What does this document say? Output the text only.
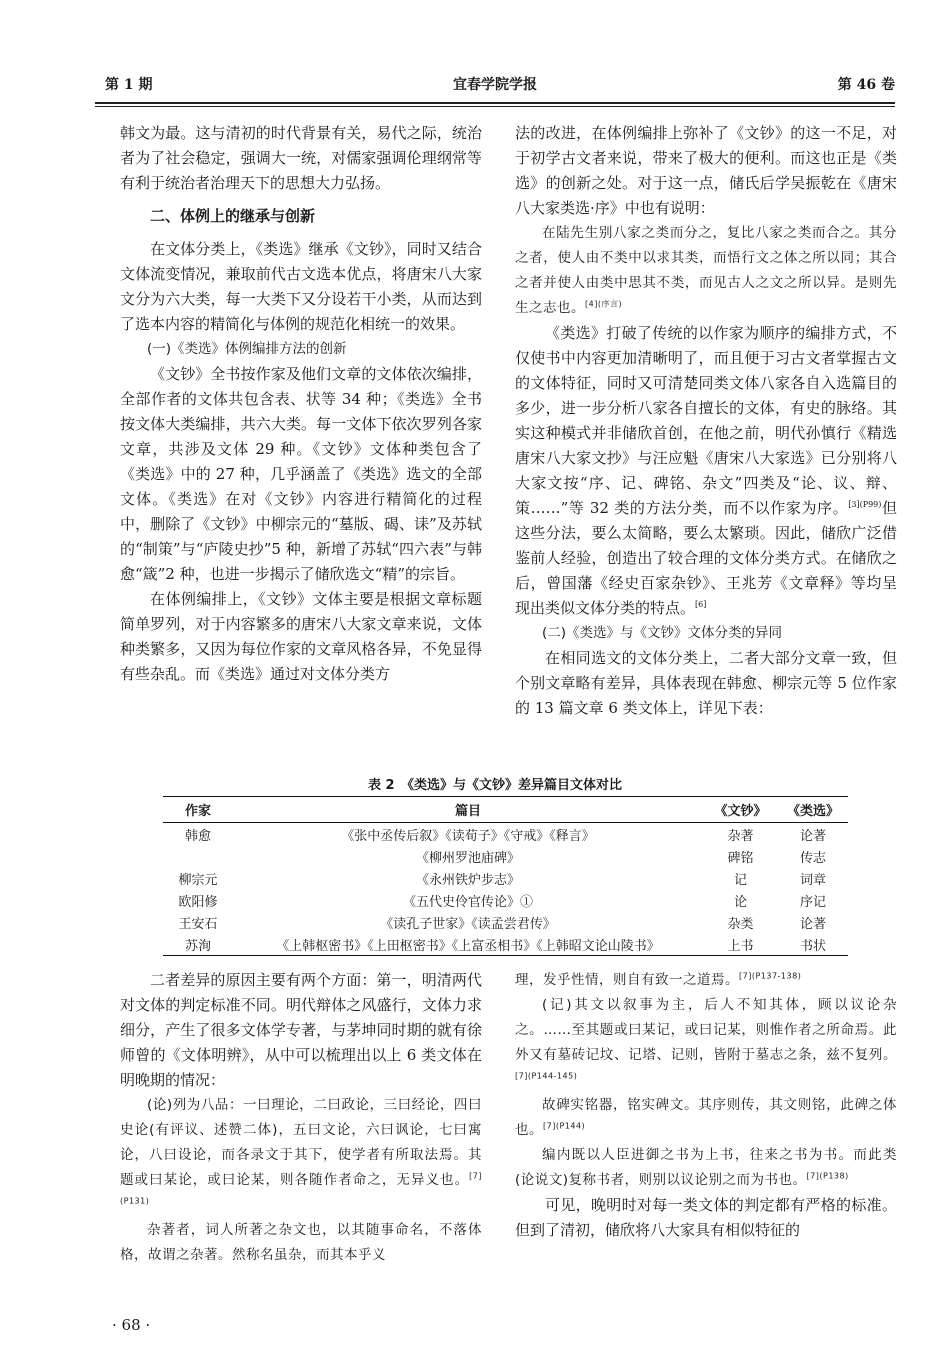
第 1 期	宜春学院学报	第 46 卷

韩文为最。这与清初的时代背景有关，易代之际，统治者为了社会稳定，强调大一统，对儒家强调伦理纲常等有利于统治者治理天下的思想大力弘扬。

二、体例上的继承与创新

在文体分类上，《类选》继承《文钞》，同时又结合文体流变情况，兼取前代古文选本优点，将唐宋八大家文分为六大类，每一大类下又分设若干小类，从而达到了选本内容的精简化与体例的规范化相统一的效果。

(一)《类选》体例编排方法的创新

《文钞》全书按作家及他们文章的文体依次编排，全部作者的文体共包含表、状等 34 种；《类选》全书按文体大类编排，共六大类。每一文体下依次罗列各家文章，共涉及文体 29 种。《文钞》文体种类包含了《类选》中的 27 种，几乎涵盖了《类选》选文的全部文体。《类选》在对《文钞》内容进行精简化的过程中，删除了《文钞》中柳宗元的“墓版、碣、诔”及苏轼的“制策”与“庐陵史抄”5 种，新增了苏轼“四六表”与韩愈“箴”2 种，也进一步揭示了储欣选文“精”的宗旨。

在体例编排上，《文钞》文体主要是根据文章标题简单罗列，对于内容繁多的唐宋八大家文章来说，文体种类繁多，又因为每位作家的文章风格各异，不免显得有些杂乱。而《类选》通过对文体分类方

法的改进，在体例编排上弥补了《文钞》的这一不足，对于初学古文者来说，带来了极大的便利。而这也正是《类选》的创新之处。对于这一点，储氏后学吴振乾在《唐宋八大家类选·序》中也有说明：

在陆先生别八家之类而分之，复比八家之类而合之。其分之者，使人由不类中以求其类，而悟行文之体之所以同；其合之者并使人由类中思其不类，而见古人之文之所以异。是则先生之志也。$^{[4](序言)}$

《类选》打破了传统的以作家为顺序的编排方式，不仅使书中内容更加清晰明了，而且便于习古文者掌握古文的文体特征，同时又可清楚同类文体八家各自入选篇目的多少，进一步分析八家各自擅长的文体，有史的脉络。其实这种模式并非储欣首创，在他之前，明代孙慎行《精选唐宋八大家文抄》与汪应魁《唐宋八大家选》已分别将八大家文按“序、记、碑铭、杂文”四类及“论、议、辩、策……”等 32 类的方法分类，而不以作家为序。$^{[3](P99)}$但这些分法，要么太简略，要么太繁琐。因此，储欣广泛借鉴前人经验，创造出了较合理的文体分类方式。在储欣之后，曾国藩《经史百家杂钞》、王兆芳《文章释》等均呈现出类似文体分类的特点。[6]

(二)《类选》与《文钞》文体分类的异同

在相同选文的文体分类上，二者大部分文章一致，但个别文章略有差异，具体表现在韩愈、柳宗元等 5 位作家的 13 篇文章 6 类文体上，详见下表：

表 2　《类选》与《文钞》差异篇目文体对比
作家	篇目	《文钞》	《类选》
韩愈	《张中丞传后叙》《读荀子》《守戒》《释言》	杂著	论著
	《柳州罗池庙碑》	碑铭	传志
柳宗元	《永州铁炉步志》	记	词章
欧阳修	《五代史伶官传论》①	论	序记
王安石	《读孔子世家》《读孟尝君传》	杂类	论著
苏洵	《上韩枢密书》《上田枢密书》《上富丞相书》《上韩昭文论山陵书》	上书	书状

二者差异的原因主要有两个方面：第一，明清两代对文体的判定标准不同。明代辩体之风盛行，文体力求细分，产生了很多文体学专著，与茅坤同时期的就有徐师曾的《文体明辨》，从中可以梳理出以上 6 类文体在明晚期的情况：

(论)列为八品：一曰理论，二曰政论，三曰经论，四曰史论(有评议、述赞二体)，五曰文论，六曰讽论，七曰寓论，八曰设论，而各录文于其下，使学者有所取法焉。其题或曰某论，或曰论某，则各随作者命之，无异义也。$^{[7](P131)}$

杂著者，词人所著之杂文也，以其随事命名，不落体格，故谓之杂著。然称名虽杂，而其本乎义

理，发乎性情，则自有致一之道焉。$^{[7](P137-138)}$

(记)其文以叙事为主，后人不知其体，顾以议论杂之。……至其题或曰某记，或曰记某，则惟作者之所命焉。此外又有墓砖记坟、记塔、记则，皆附于墓志之条，兹不复列。$^{[7](P144-145)}$

故碑实铭器，铭实碑文。其序则传，其文则铭，此碑之体也。$^{[7](P144)}$

编内既以人臣进御之书为上书，往来之书为书。而此类(论说文)复称书者，则别以议论别之而为书也。$^{[7](P138)}$

可见，晚明时对每一类文体的判定都有严格的标准。但到了清初，储欣将八大家具有相似特征的

· 68 ·
